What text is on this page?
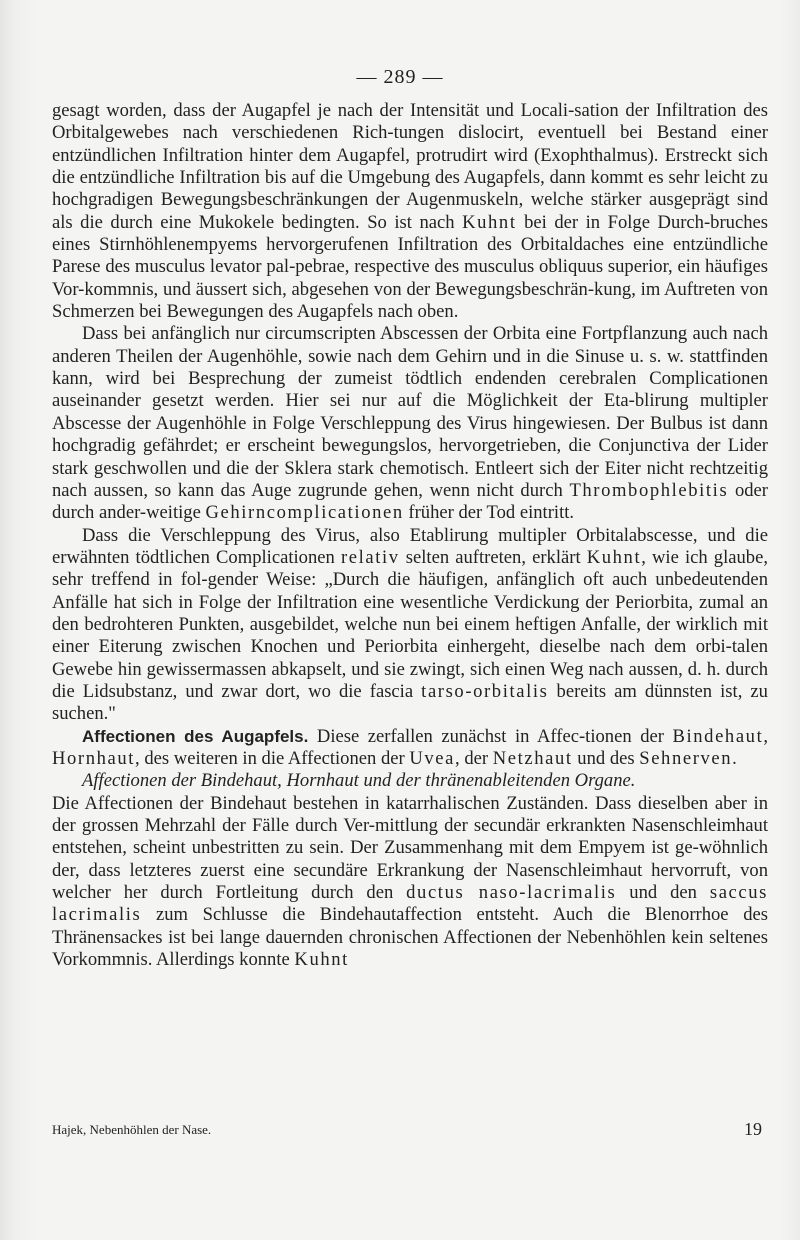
— 289 —

gesagt worden, dass der Augapfel je nach der Intensität und Locali-sation der Infiltration des Orbitalgewebes nach verschiedenen Rich-tungen dislocirt, eventuell bei Bestand einer entzündlichen Infiltration hinter dem Augapfel, protrudirt wird (Exophthalmus). Erstreckt sich die entzündliche Infiltration bis auf die Umgebung des Augapfels, dann kommt es sehr leicht zu hochgradigen Bewegungsbeschränkungen der Augenmuskeln, welche stärker ausgeprägt sind als die durch eine Mukokele bedingten. So ist nach Kuhnt bei der in Folge Durch-bruches eines Stirnhöhlenempyems hervorgerufenen Infiltration des Orbitaldaches eine entzündliche Parese des musculus levator pal-pebrae, respective des musculus obliquus superior, ein häufiges Vor-kommnis, und äussert sich, abgesehen von der Bewegungsbeschrän-kung, im Auftreten von Schmerzen bei Bewegungen des Augapfels nach oben.

Dass bei anfänglich nur circumscripten Abscessen der Orbita eine Fortpflanzung auch nach anderen Theilen der Augenhöhle, sowie nach dem Gehirn und in die Sinuse u. s. w. stattfinden kann, wird bei Besprechung der zumeist tödtlich endenden cerebralen Complicationen auseinander gesetzt werden. Hier sei nur auf die Möglichkeit der Eta-blirung multipler Abscesse der Augenhöhle in Folge Verschleppung des Virus hingewiesen. Der Bulbus ist dann hochgradig gefährdet; er erscheint bewegungslos, hervorgetrieben, die Conjunctiva der Lider stark geschwollen und die der Sklera stark chemotisch. Entleert sich der Eiter nicht rechtzeitig nach aussen, so kann das Auge zugrunde gehen, wenn nicht durch Thrombophlebitis oder durch ander-weitige Gehirncomplicationen früher der Tod eintritt.

Dass die Verschleppung des Virus, also Etablirung multipler Orbitalabscesse, und die erwähnten tödtlichen Complicationen relativ selten auftreten, erklärt Kuhnt, wie ich glaube, sehr treffend in fol-gender Weise: „Durch die häufigen, anfänglich oft auch unbedeutenden Anfälle hat sich in Folge der Infiltration eine wesentliche Verdickung der Periorbita, zumal an den bedrohteren Punkten, ausgebildet, welche nun bei einem heftigen Anfalle, der wirklich mit einer Eiterung zwischen Knochen und Periorbita einhergeht, dieselbe nach dem orbi-talen Gewebe hin gewissermassen abkapselt, und sie zwingt, sich einen Weg nach aussen, d. h. durch die Lidsubstanz, und zwar dort, wo die fascia tarso-orbitalis bereits am dünnsten ist, zu suchen."

Affectionen des Augapfels. Diese zerfallen zunächst in Affec-tionen der Bindehaut, Hornhaut, des weiteren in die Affectionen der Uvea, der Netzhaut und des Sehnerven.

Affectionen der Bindehaut, Hornhaut und der thränenableitenden Organe.

Die Affectionen der Bindehaut bestehen in katarrhalischen Zuständen. Dass dieselben aber in der grossen Mehrzahl der Fälle durch Ver-mittlung der secundär erkrankten Nasenschleimhaut entstehen, scheint unbestritten zu sein. Der Zusammenhang mit dem Empyem ist ge-wöhnlich der, dass letzteres zuerst eine secundäre Erkrankung der Nasenschleimhaut hervorruft, von welcher her durch Fortleitung durch den ductus naso-lacrimalis und den saccus lacrimalis zum Schlusse die Bindehautaffection entsteht. Auch die Blenorrhoe des Thränensackes ist bei lange dauernden chronischen Affectionen der Nebenhöhlen kein seltenes Vorkommnis. Allerdings konnte Kuhnt

Hajek, Nebenhöhlen der Nase.	19
